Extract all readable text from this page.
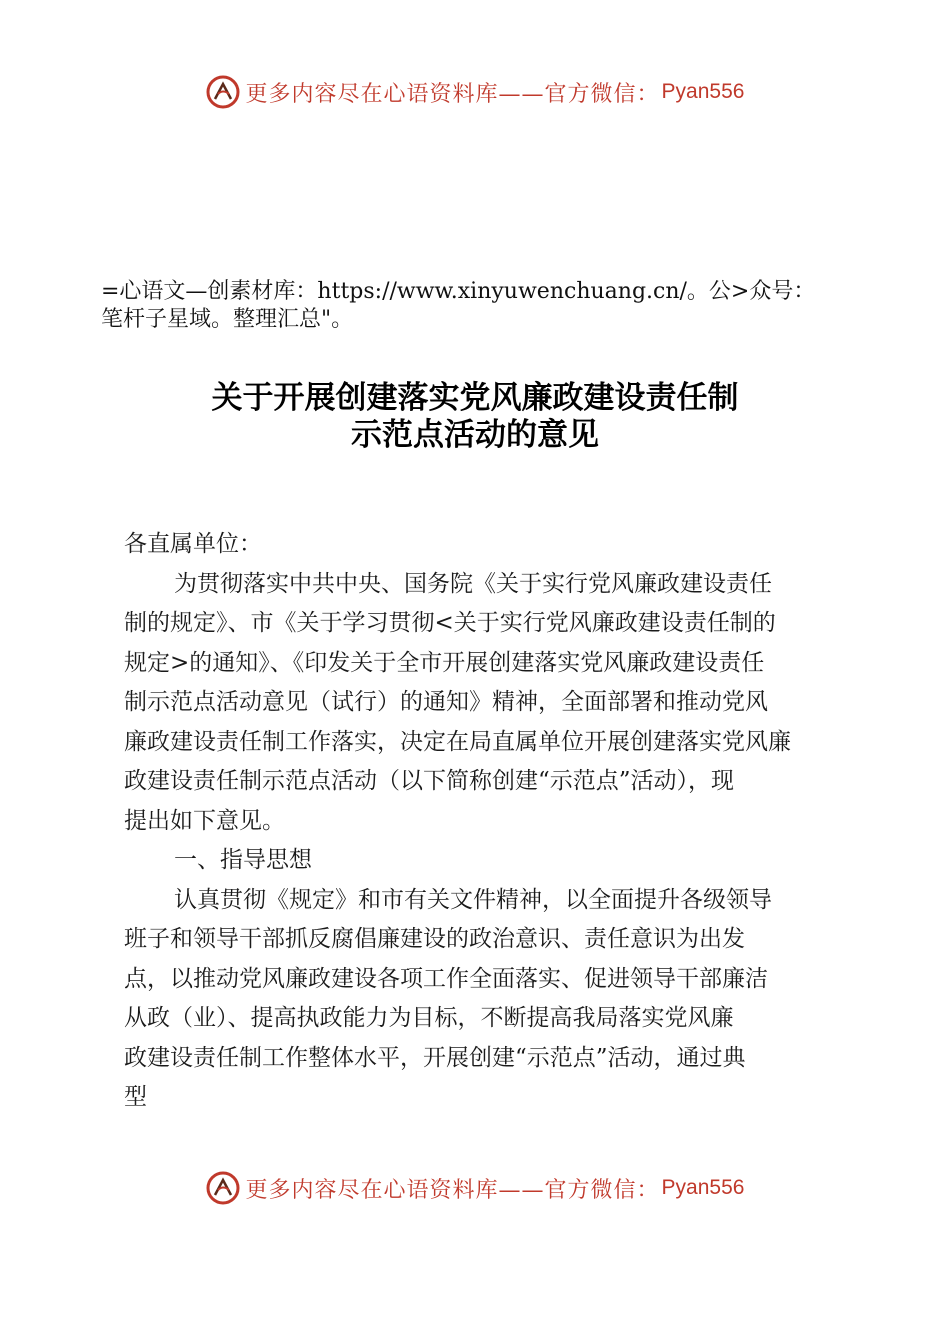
更多内容尽在心语资料库——官方微信： Pyan556
=心语文—创素材库：https://www.xinyuwenchuang.cn/。公>众号：
笔杆子星域。整理汇总"。
关于开展创建落实党风廉政建设责任制
示范点活动的意见
各直属单位：
为贯彻落实中共中央、国务院《关于实行党风廉政建设责任
制的规定》、市《关于学习贯彻<关于实行党风廉政建设责任制的
规定>的通知》、《印发关于全市开展创建落实党风廉政建设责任
制示范点活动意见（试行）的通知》精神，全面部署和推动党风
廉政建设责任制工作落实，决定在局直属单位开展创建落实党风廉
政建设责任制示范点活动（以下简称创建“示范点”活动），现
提出如下意见。
一、指导思想
认真贯彻《规定》和市有关文件精神，以全面提升各级领导
班子和领导干部抓反腐倡廉建设的政治意识、责任意识为出发
点，以推动党风廉政建设各项工作全面落实、促进领导干部廉洁
从政（业）、提高执政能力为目标，不断提高我局落实党风廉
政建设责任制工作整体水平，开展创建“示范点”活动，通过典
型
更多内容尽在心语资料库——官方微信： Pyan556
